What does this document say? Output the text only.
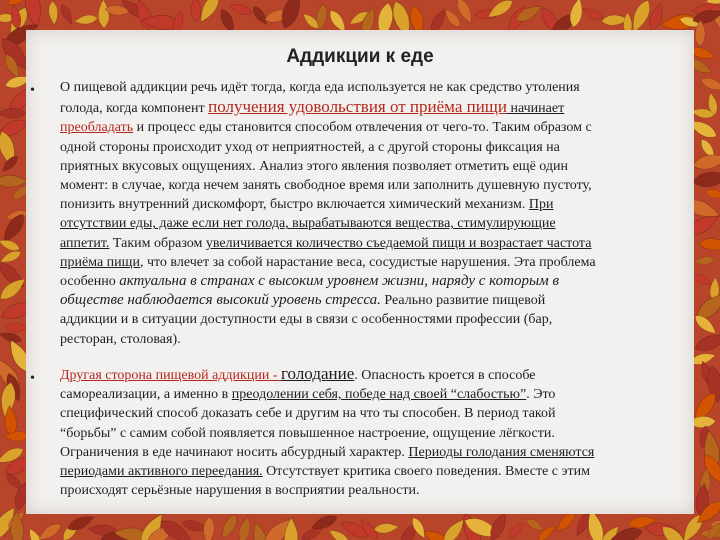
Аддикции к еде
• О пищевой аддикции речь идёт тогда, когда еда используется не как средство утоления
голода, когда компонент получения удовольствия от приёма пищи начинает
преобладать и процесс еды становится способом отвлечения от чего-то. Таким образом с
одной стороны происходит уход от неприятностей, а с другой стороны фиксация на
приятных вкусовых ощущениях. Анализ этого явления позволяет отметить ещё один
момент: в случае, когда нечем занять свободное время или заполнить душевную пустоту,
понизить внутренний дискомфорт, быстро включается химический механизм. При
отсутствии еды, даже если нет голода, вырабатываются вещества, стимулирующие
аппетит. Таким образом увеличивается количество съедаемой пищи и возрастает частота
приёма пищи, что влечет за собой нарастание веса, сосудистые нарушения. Эта проблема
особенно актуальна в странах с высоким уровнем жизни, наряду с которым в
обществе наблюдается высокий уровень стресса. Реально развитие пищевой
аддикции и в ситуации доступности еды в связи с особенностями профессии (бар,
ресторан, столовая).
• Другая сторона пищевой аддикции - голодание. Опасность кроется в способе
самореализации, а именно в преодолении себя, победе над своей “слабостью”. Это
специфический способ доказать себе и другим на что ты способен. В период такой
“борьбы” с самим собой появляется повышенное настроение, ощущение лёгкости.
Ограничения в еде начинают носить абсурдный характер. Периоды голодания сменяются
периодами активного переедания. Отсутствует критика своего поведения. Вместе с этим
происходят серьёзные нарушения в восприятии реальности.
